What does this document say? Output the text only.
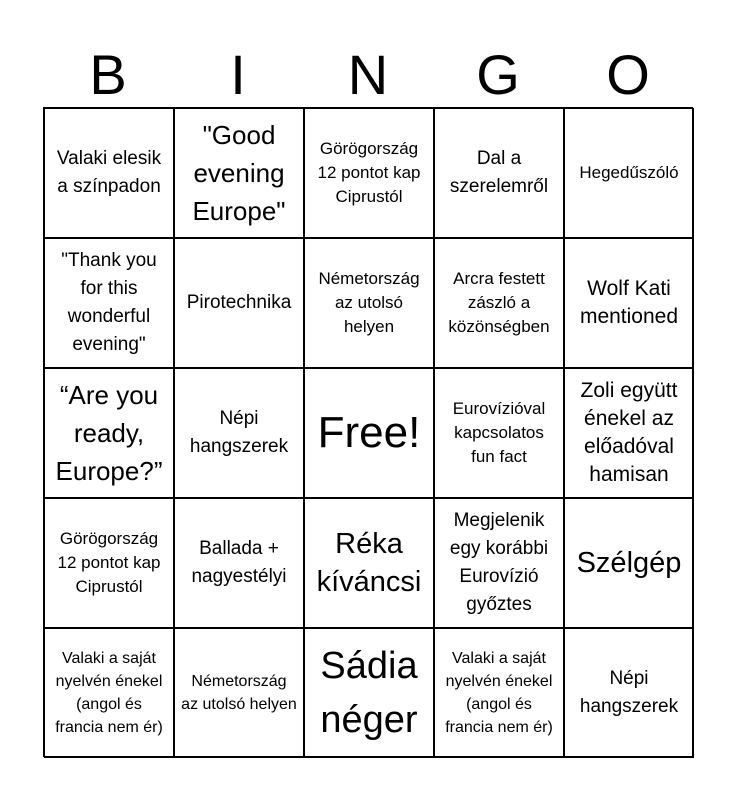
B	I	N	G	O
Valaki elesik a színpadon
"Good evening Europe"
Görögország 12 pontot kap Ciprustól
Dal a szerelemről
Hegedűszóló
"Thank you for this wonderful evening"
Pirotechnika
Németország az utolsó helyen
Arcra festett zászló a közönségben
Wolf Kati mentioned
“Are you ready, Europe?”
Népi hangszerek Free!	Eurovízióval kapcsolatos fun fact
Zoli együtt énekel az előadóval hamisan
Görögország 12 pontot kap Ciprustól
Ballada + nagyestélyi
Réka kíváncsi
Megjelenik egy korábbi Eurovízió győztes
Szélgép
Valaki a saját nyelvén énekel (angol és francia nem ér)
Németország az utolsó helyen
Sádia néger
Valaki a saját nyelvén énekel (angol és francia nem ér)
Népi hangszerek
